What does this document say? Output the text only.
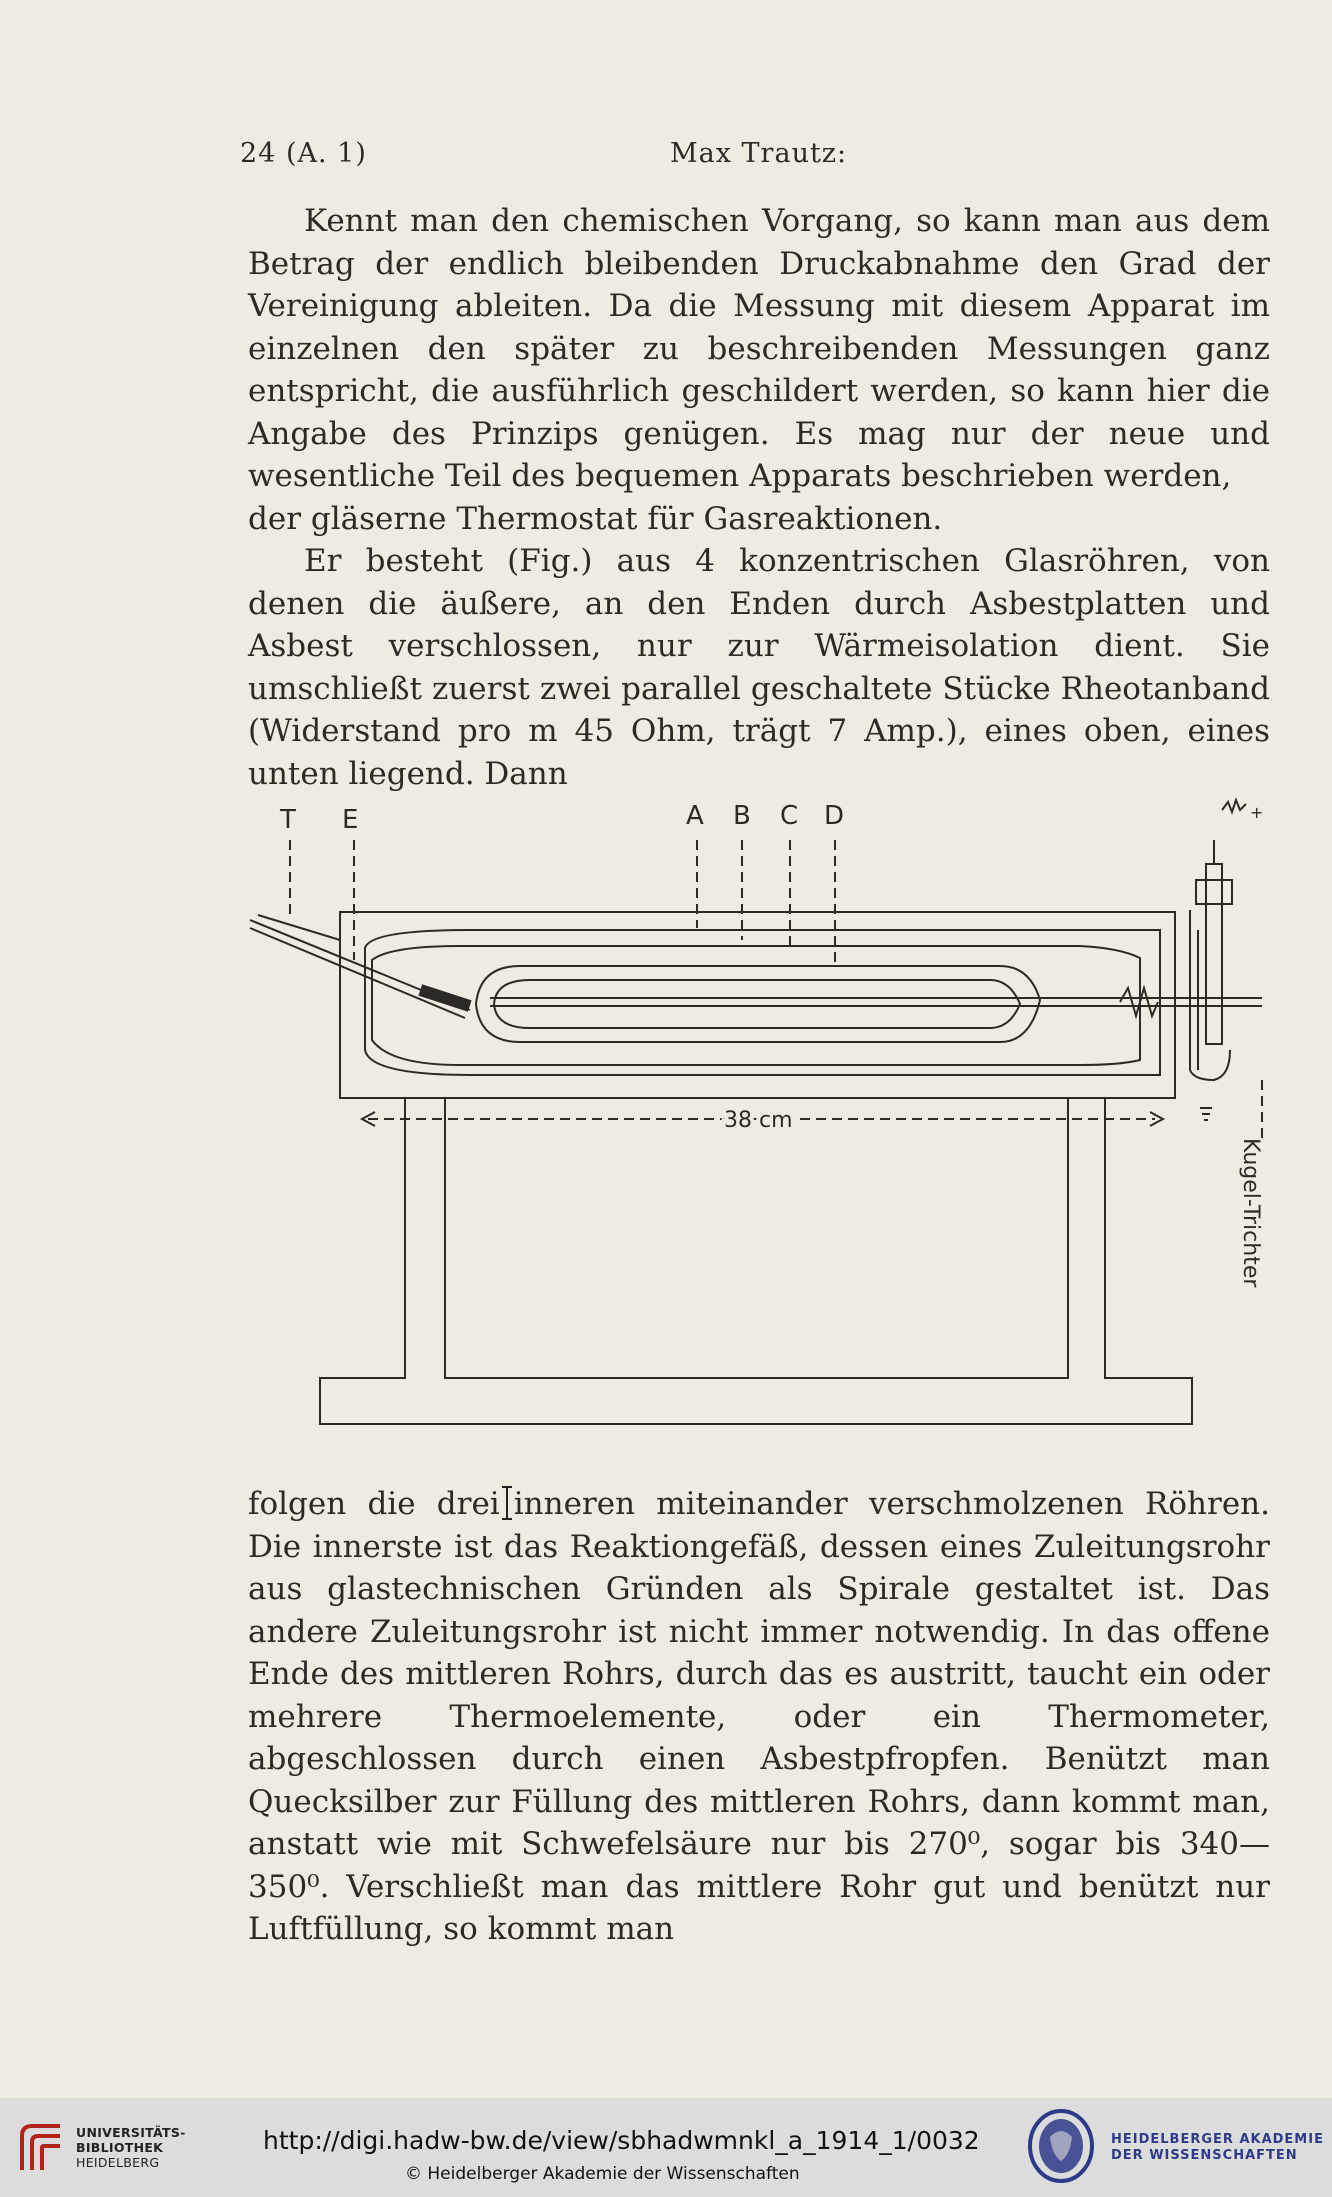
24 (A. 1)	Max Trautz:

Kennt man den chemischen Vorgang, so kann man aus dem Betrag der endlich bleibenden Druckabnahme den Grad der Vereinigung ableiten. Da die Messung mit diesem Apparat im einzelnen den später zu beschreibenden Messungen ganz entspricht, die ausführlich geschildert werden, so kann hier die Angabe des Prinzips genügen. Es mag nur der neue und wesentliche Teil des bequemen Apparats beschrieben werden,

der gläserne Thermostat für Gasreaktionen.

Er besteht (Fig.) aus 4 konzentrischen Glasröhren, von denen die äußere, an den Enden durch Asbestplatten und Asbest verschlossen, nur zur Wärmeisolation dient. Sie umschließt zuerst zwei parallel geschaltete Stücke Rheotanband (Widerstand pro m 45 Ohm, trägt 7 Amp.), eines oben, eines unten liegend. Dann

T E	A B C D	+
38 cm
Kugel-Trichter

folgen die drei inneren miteinander verschmolzenen Röhren. Die innerste ist das Reaktiongefäß, dessen eines Zuleitungsrohr aus glastechnischen Gründen als Spirale gestaltet ist. Das andere Zuleitungsrohr ist nicht immer notwendig. In das offene Ende des mittleren Rohrs, durch das es austritt, taucht ein oder mehrere Thermoelemente, oder ein Thermometer, abgeschlossen durch einen Asbestpfropfen. Benützt man Quecksilber zur Füllung des mittleren Rohrs, dann kommt man, anstatt wie mit Schwefelsäure nur bis 270⁰, sogar bis 340—350⁰. Verschließt man das mittlere Rohr gut und benützt nur Luftfüllung, so kommt man

UNIVERSITÄTS-
BIBLIOTHEK
HEIDELBERG
http://digi.hadw-bw.de/view/sbhadwmnkl_a_1914_1/0032
© Heidelberger Akademie der Wissenschaften
HEIDELBERGER AKADEMIE
DER WISSENSCHAFTEN
